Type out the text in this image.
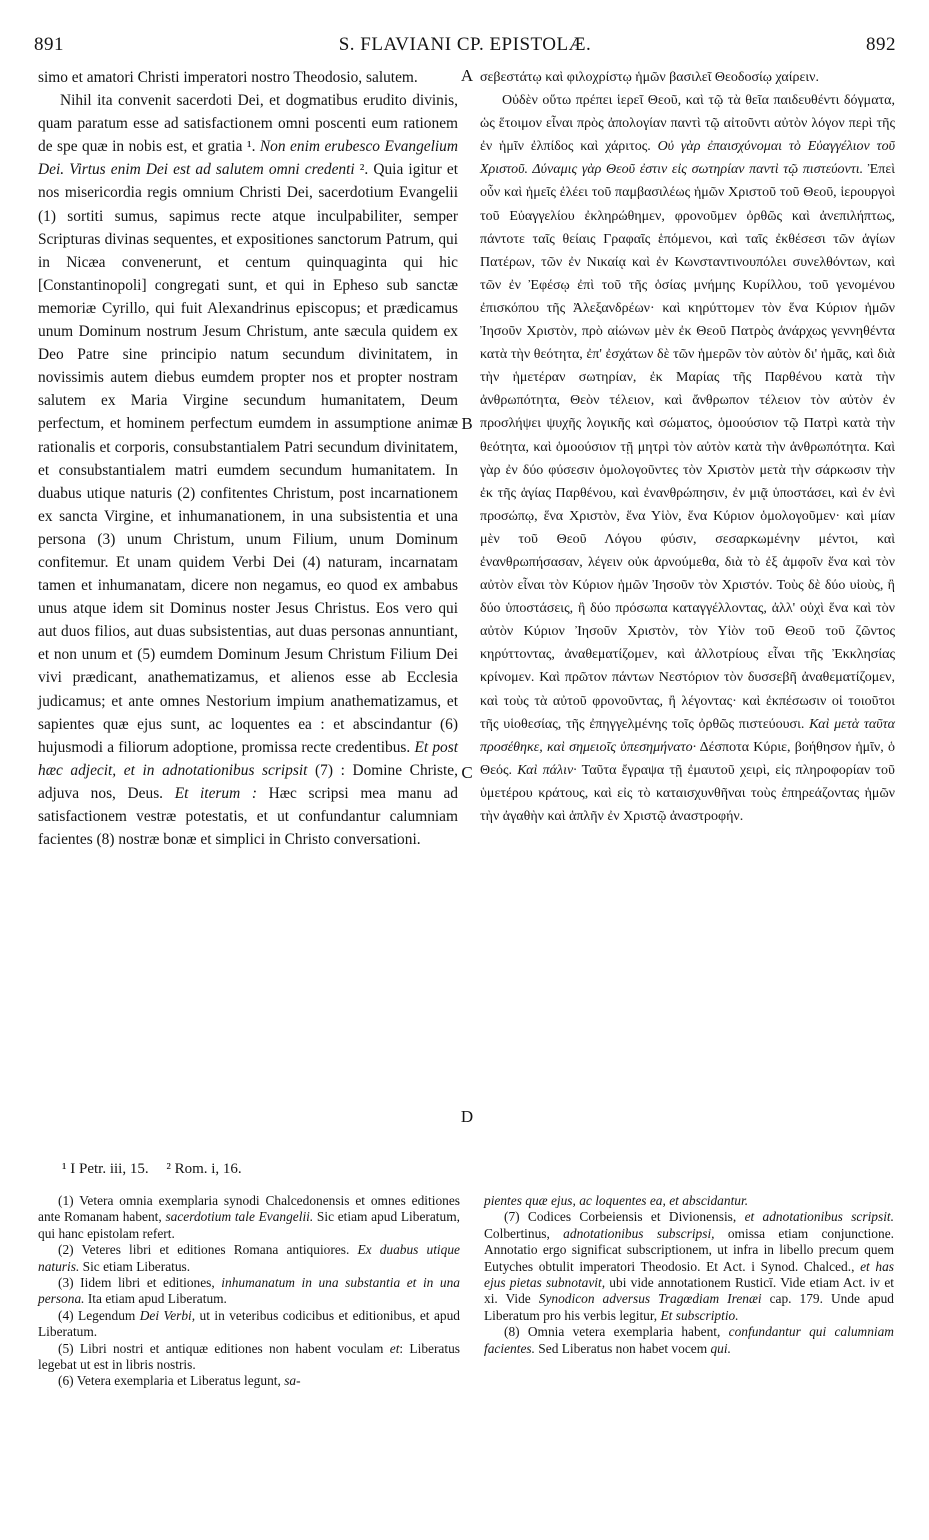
891	S. FLAVIANI CP. EPISTOLÆ.	892

simo et amatori Christi imperatori nostro Theodosio, salutem.

Nihil ita convenit sacerdoti Dei, et dogmatibus erudito divinis, quam paratum esse ad satisfactionem omni poscenti eum rationem de spe quæ in nobis est, et gratia ¹. Non enim erubesco Evangelium Dei. Virtus enim Dei est ad salutem omni credenti ². Quia igitur et nos misericordia regis omnium Christi Dei, sacerdotium Evangelii (1) sortiti sumus, sapimus recte atque inculpabiliter, semper Scripturas divinas sequentes, et expositiones sanctorum Patrum, qui in Nicæa convenerunt, et centum quinquaginta qui hic [Constantinopoli] congregati sunt, et qui in Epheso sub sanctæ memoriæ Cyrillo, qui fuit Alexandrinus episcopus; et prædicamus unum Dominum nostrum Jesum Christum, ante sæcula quidem ex Deo Patre sine principio natum secundum divinitatem, in novissimis autem diebus eumdem propter nos et propter nostram salutem ex Maria Virgine secundum humanitatem, Deum perfectum, et hominem perfectum eumdem in assumptione animæ rationalis et corporis, consubstantialem Patri secundum divinitatem, et consubstantialem matri eumdem secundum humanitatem. In duabus utique naturis (2) confitentes Christum, post incarnationem ex sancta Virgine, et inhumanationem, in una subsistentia et una persona (3) unum Christum, unum Filium, unum Dominum confitemur. Et unam quidem Verbi Dei (4) naturam, incarnatam tamen et inhumanatam, dicere non negamus, eo quod ex ambabus unus atque idem sit Dominus noster Jesus Christus. Eos vero qui aut duos filios, aut duas subsistentias, aut duas personas annuntiant, et non unum et (5) eumdem Dominum Jesum Christum Filium Dei vivi prædicant, anathematizamus, et alienos esse ab Ecclesia judicamus; et ante omnes Nestorium impium anathematizamus, et sapientes quæ ejus sunt, ac loquentes ea : et abscindantur (6) hujusmodi a filiorum adoptione, promissa recte credentibus. Et post hæc adjecit, et in adnotationibus scripsit (7) : Domine Christe, adjuva nos, Deus. Et iterum : Hæc scripsi mea manu ad satisfactionem vestræ potestatis, et ut confundantur calumniam facientes (8) nostræ bonæ et simplici in Christo conversationi.

σεβεστάτῳ καὶ φιλοχρίστῳ ἡμῶν βασιλεῖ Θεοδοσίῳ χαίρειν.

Οὐδὲν οὕτω πρέπει ἱερεῖ Θεοῦ, καὶ τῷ τὰ θεῖα παιδευθέντι δόγματα, ὡς ἕτοιμον εἶναι πρὸς ἀπολογίαν παντὶ τῷ αἰτοῦντι αὐτὸν λόγον περὶ τῆς ἐν ἡμῖν ἐλπίδος καὶ χάριτος. Οὐ γὰρ ἐπαισχύνομαι τὸ Εὐαγγέλιον τοῦ Χριστοῦ. Δύναμις γὰρ Θεοῦ ἐστιν εἰς σωτηρίαν παντὶ τῷ πιστεύοντι. Ἐπεὶ οὖν καὶ ἡμεῖς ἐλέει τοῦ παμβασιλέως ἡμῶν Χριστοῦ τοῦ Θεοῦ, ἱερουργοὶ τοῦ Εὐαγγελίου ἐκληρώθημεν, φρονοῦμεν ὀρθῶς καὶ ἀνεπιλήπτως, πάντοτε ταῖς θείαις Γραφαῖς ἑπόμενοι, καὶ ταῖς ἐκθέσεσι τῶν ἁγίων Πατέρων, τῶν ἐν Νικαίᾳ καὶ ἐν Κωνσταντινουπόλει συνελθόντων, καὶ τῶν ἐν Ἐφέσῳ ἐπὶ τοῦ τῆς ὁσίας μνήμης Κυρίλλου, τοῦ γενομένου ἐπισκόπου τῆς Ἀλεξανδρέων· καὶ κηρύττομεν τὸν ἕνα Κύριον ἡμῶν Ἰησοῦν Χριστὸν, πρὸ αἰώνων μὲν ἐκ Θεοῦ Πατρὸς ἀνάρχως γεννηθέντα κατὰ τὴν θεότητα, ἐπ' ἐσχάτων δὲ τῶν ἡμερῶν τὸν αὐτὸν δι' ἡμᾶς, καὶ διὰ τὴν ἡμετέραν σωτηρίαν, ἐκ Μαρίας τῆς Παρθένου κατὰ τὴν ἀνθρωπότητα, Θεὸν τέλειον, καὶ ἄνθρωπον τέλειον τὸν αὐτὸν ἐν προσλήψει ψυχῆς λογικῆς καὶ σώματος, ὁμοούσιον τῷ Πατρὶ κατὰ τὴν θεότητα, καὶ ὁμοούσιον τῇ μητρὶ τὸν αὐτὸν κατὰ τὴν ἀνθρωπότητα. Καὶ γὰρ ἐν δύο φύσεσιν ὁμολογοῦντες τὸν Χριστὸν μετὰ τὴν σάρκωσιν τὴν ἐκ τῆς ἁγίας Παρθένου, καὶ ἐνανθρώπησιν, ἐν μιᾷ ὑποστάσει, καὶ ἐν ἑνὶ προσώπῳ, ἕνα Χριστὸν, ἕνα Υἱὸν, ἕνα Κύριον ὁμολογοῦμεν· καὶ μίαν μὲν τοῦ Θεοῦ Λόγου φύσιν, σεσαρκωμένην μέντοι, καὶ ἐνανθρωπήσασαν, λέγειν οὐκ ἀρνούμεθα, διὰ τὸ ἐξ ἀμφοῖν ἕνα καὶ τὸν αὐτὸν εἶναι τὸν Κύριον ἡμῶν Ἰησοῦν τὸν Χριστόν. Τοὺς δὲ δύο υἱοὺς, ἢ δύο ὑποστάσεις, ἢ δύο πρόσωπα καταγγέλλοντας, ἀλλ' οὐχὶ ἕνα καὶ τὸν αὐτὸν Κύριον Ἰησοῦν Χριστὸν, τὸν Υἱὸν τοῦ Θεοῦ τοῦ ζῶντος κηρύττοντας, ἀναθεματίζομεν, καὶ ἀλλοτρίους εἶναι τῆς Ἐκκλησίας κρίνομεν. Καὶ πρῶτον πάντων Νεστόριον τὸν δυσσεβῆ ἀναθεματίζομεν, καὶ τοὺς τὰ αὐτοῦ φρονοῦντας, ἢ λέγοντας· καὶ ἐκπέσωσιν οἱ τοιοῦτοι τῆς υἱοθεσίας, τῆς ἐπηγγελμένης τοῖς ὀρθῶς πιστεύουσι. Καὶ μετὰ ταῦτα προσέθηκε, καὶ σημειοῖς ὑπεσημήνατο· Δέσποτα Κύριε, βοήθησον ἡμῖν, ὁ Θεός. Καὶ πάλιν· Ταῦτα ἔγραψα τῇ ἐμαυτοῦ χειρὶ, εἰς πληροφορίαν τοῦ ὑμετέρου κράτους, καὶ εἰς τὸ καταισχυνθῆναι τοὺς ἐπηρεάζοντας ἡμῶν τὴν ἀγαθὴν καὶ ἁπλῆν ἐν Χριστῷ ἀναστροφήν.

A
B
C
D
¹ I Petr. iii, 15. ² Rom. i, 16.

(1) Vetera omnia exemplaria synodi Chalcedonensis et omnes editiones ante Romanam habent, sacerdotium tale Evangelii. Sic etiam apud Liberatum, qui hanc epistolam refert.

(2) Veteres libri et editiones Romana antiquiores. Ex duabus utique naturis. Sic etiam Liberatus.

(3) Iidem libri et editiones, inhumanatum in una substantia et in una persona. Ita etiam apud Liberatum.

(4) Legendum Dei Verbi, ut in veteribus codicibus et editionibus, et apud Liberatum.

(5) Libri nostri et antiquæ editiones non habent voculam et: Liberatus legebat ut est in libris nostris.

(6) Vetera exemplaria et Liberatus legunt, sa-

pientes quæ ejus, ac loquentes ea, et abscidantur.

(7) Codices Corbeiensis et Divionensis, et adnotationibus scripsit. Colbertinus, adnotationibus subscripsi, omissa etiam conjunctione. Annotatio ergo significat subscriptionem, ut infra in libello precum quem Eutyches obtulit imperatori Theodosio. Et Act. i Synod. Chalced., et has ejus pietas subnotavit, ubi vide annotationem Rusticī. Vide etiam Act. iv et xi. Vide Synodicon adversus Tragœdiam Irenæi cap. 179. Unde apud Liberatum pro his verbis legitur, Et subscriptio.

(8) Omnia vetera exemplaria habent, confundantur qui calumniam facientes. Sed Liberatus non habet vocem qui.
